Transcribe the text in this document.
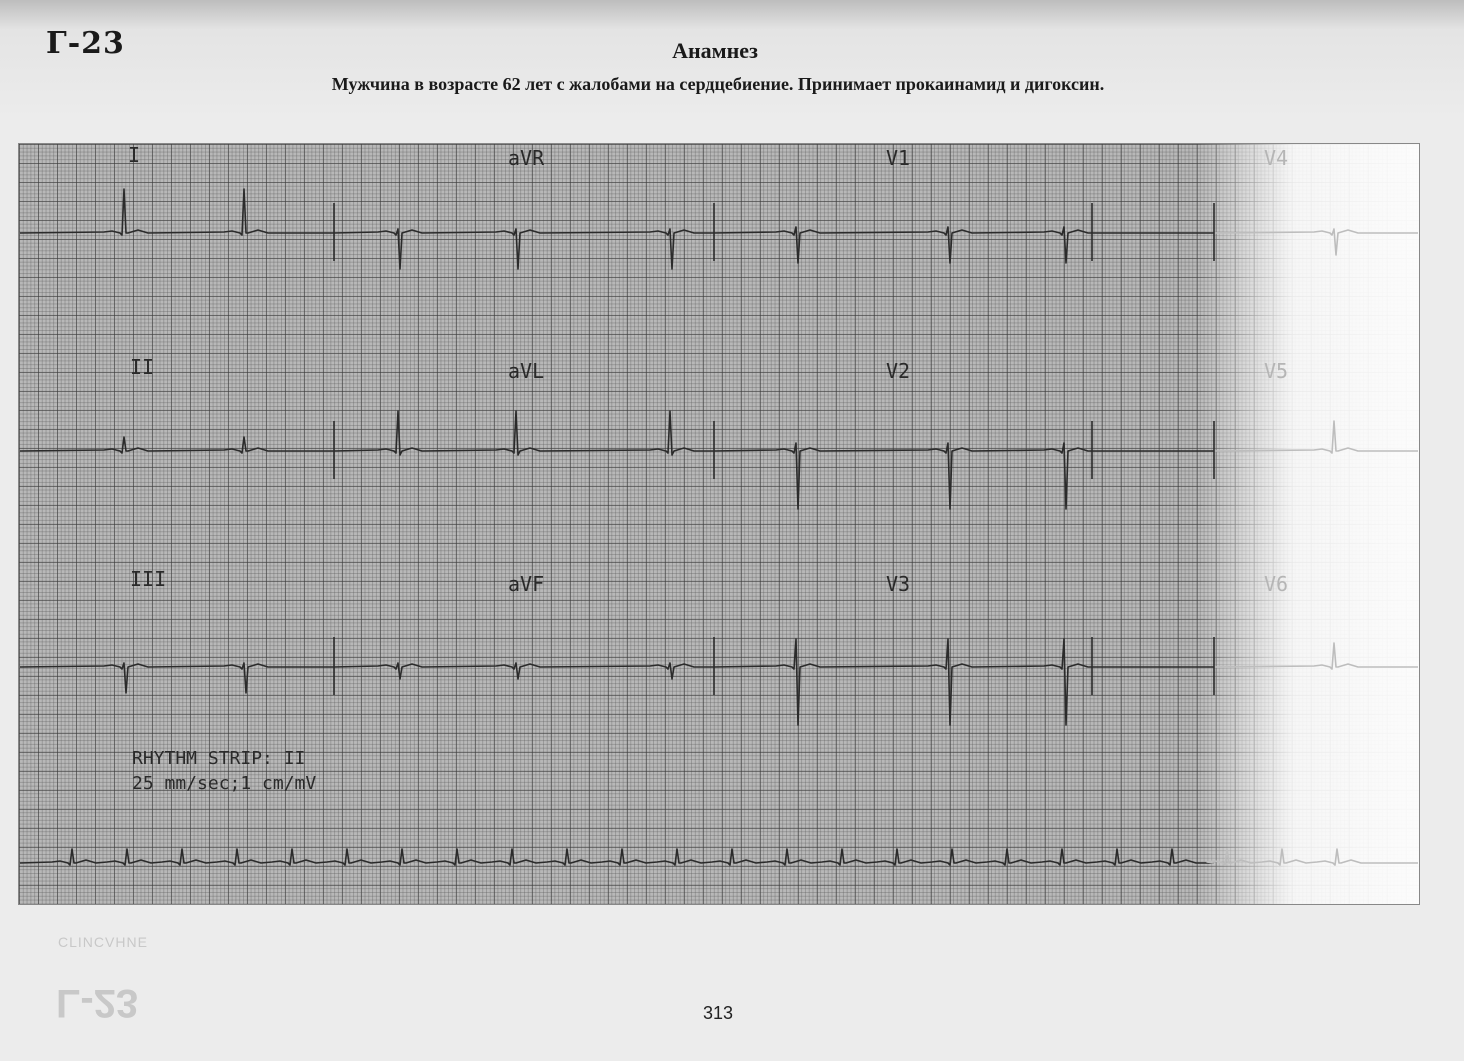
Г-23	Анамнез
Мужчина в возрасте 62 лет с жалобами на сердцебиение. Принимает прокаинамид и дигоксин.
I	aVR	V1	V4
II	aVL	V2	V5
III	aVF	V3	V6
RHYTHM STRIP: II
25 mm/sec;1 cm/mV
CLINCVHNE
L-23	313
